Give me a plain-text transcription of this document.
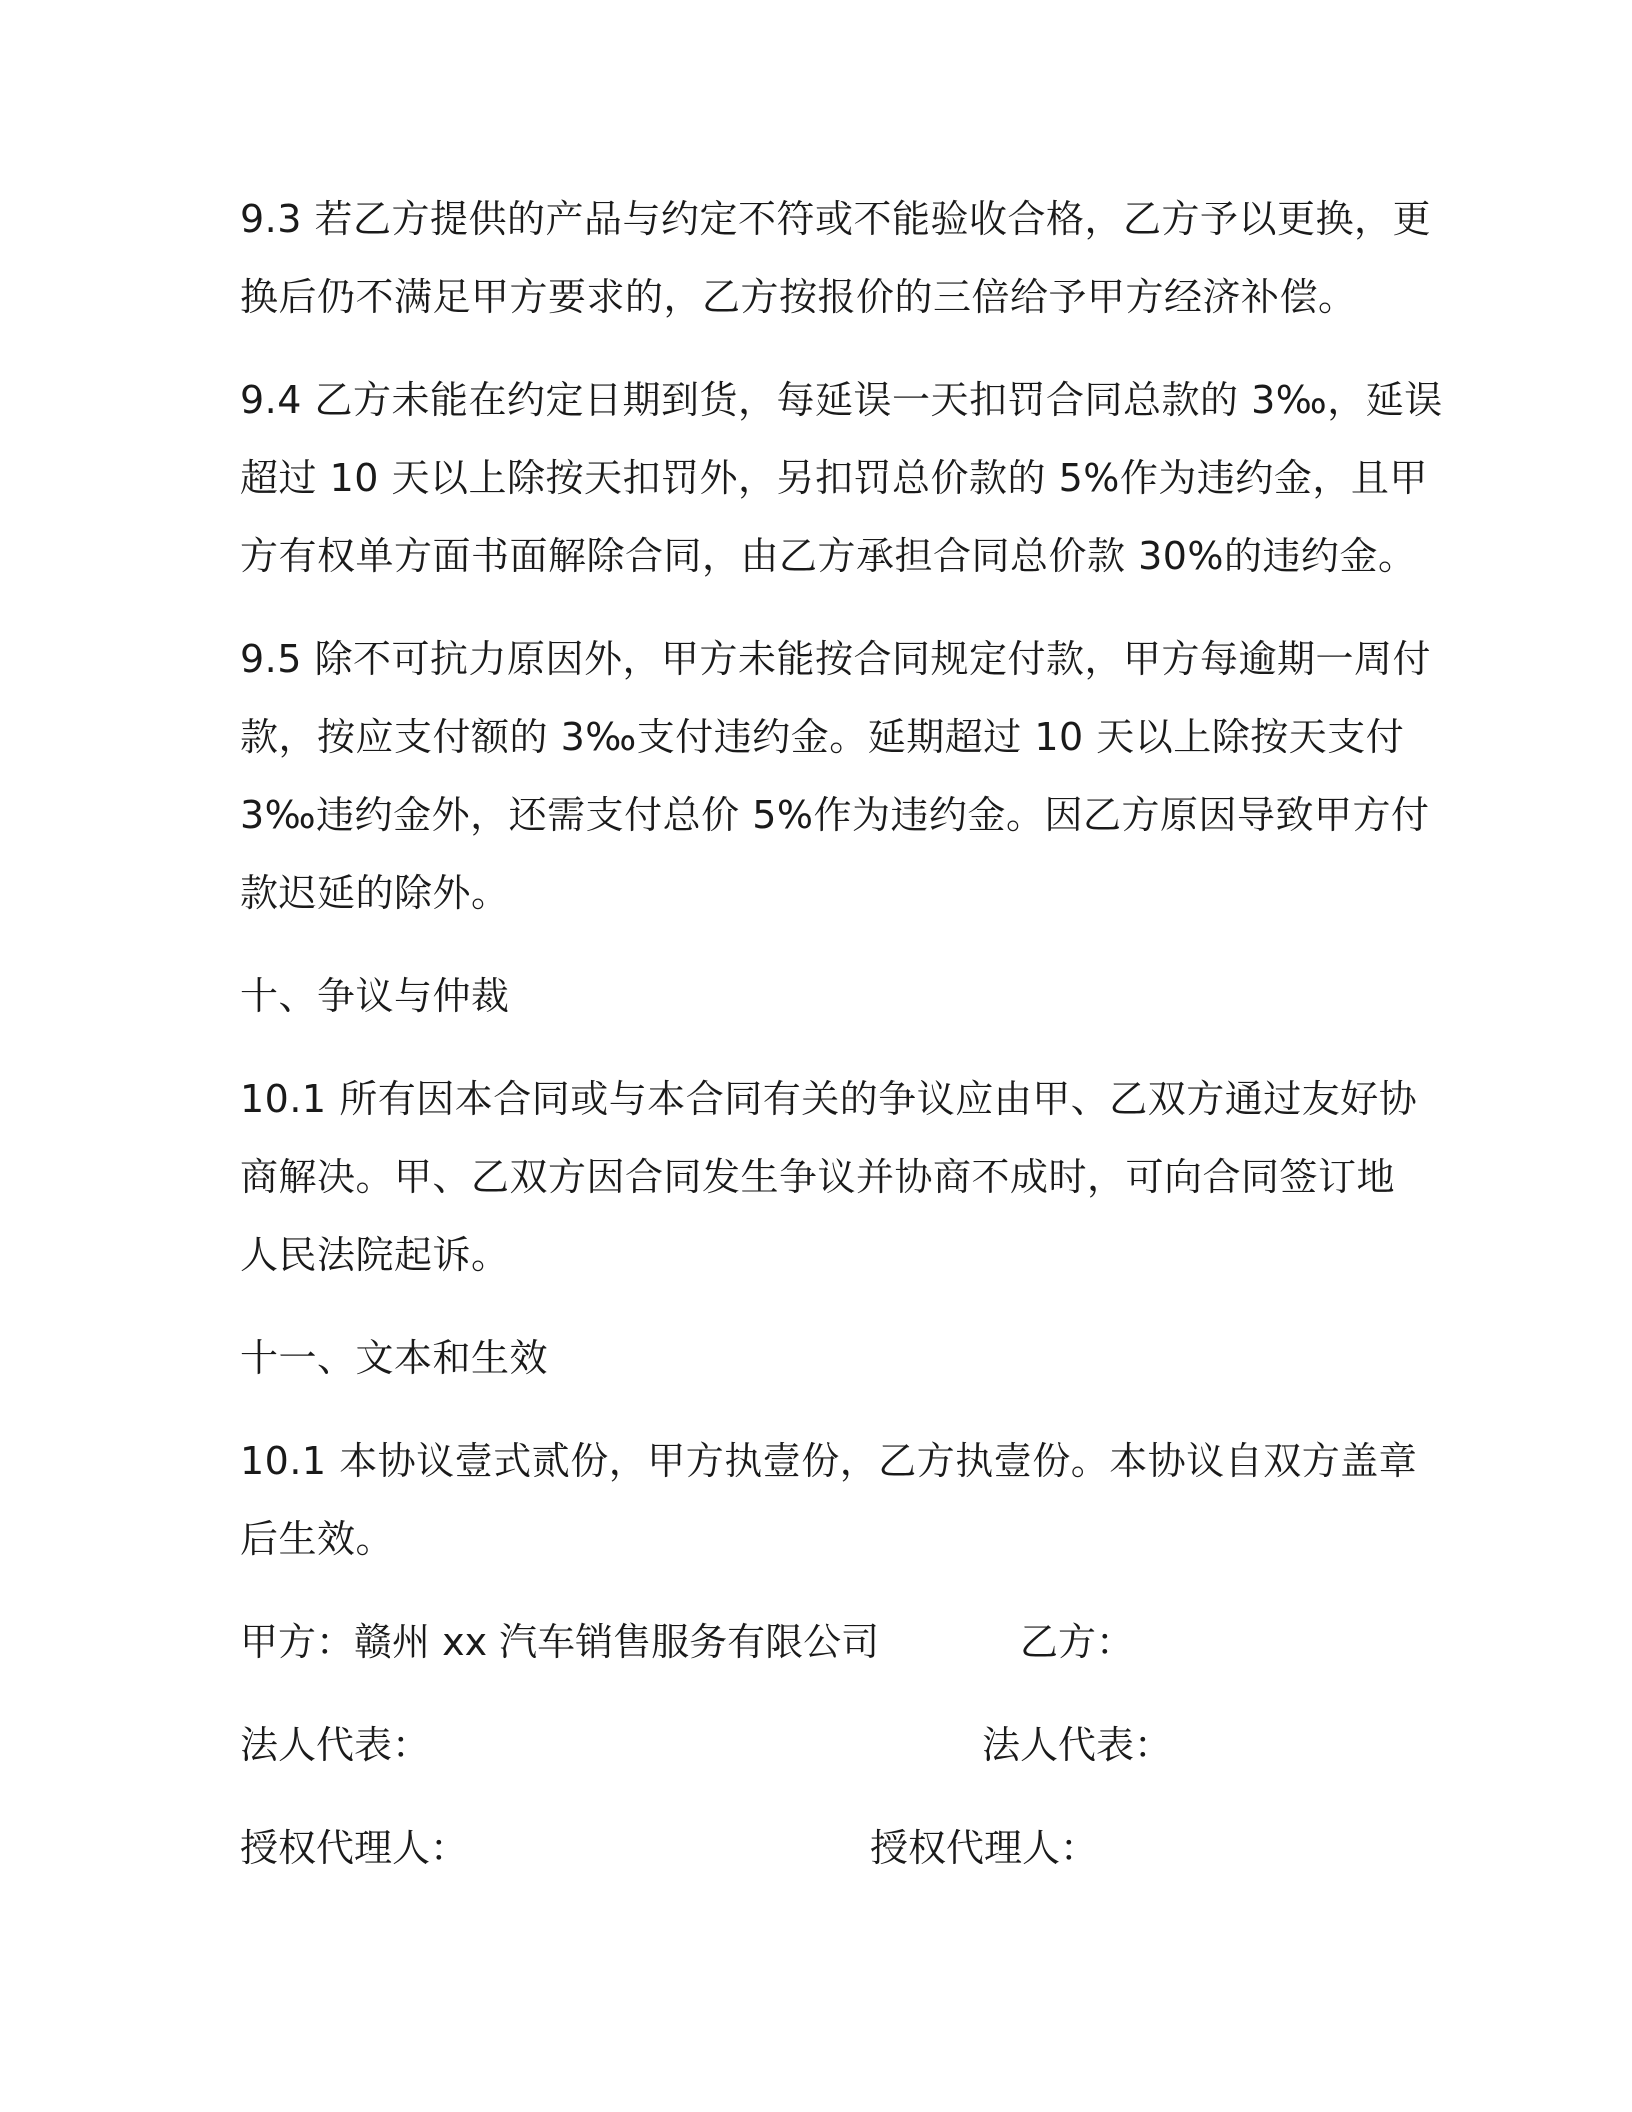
9.3 若乙方提供的产品与约定不符或不能验收合格，乙方予以更换，更
换后仍不满足甲方要求的，乙方按报价的三倍给予甲方经济补偿。
9.4 乙方未能在约定日期到货，每延误一天扣罚合同总款的 3‰，延误
超过 10 天以上除按天扣罚外，另扣罚总价款的 5%作为违约金，且甲
方有权单方面书面解除合同，由乙方承担合同总价款 30%的违约金。
9.5 除不可抗力原因外，甲方未能按合同规定付款，甲方每逾期一周付
款，按应支付额的 3‰支付违约金。延期超过 10 天以上除按天支付
3‰违约金外，还需支付总价 5%作为违约金。因乙方原因导致甲方付
款迟延的除外。
十、争议与仲裁
10.1 所有因本合同或与本合同有关的争议应由甲、乙双方通过友好协
商解决。甲、乙双方因合同发生争议并协商不成时，可向合同签订地
人民法院起诉。
十一、文本和生效
10.1 本协议壹式贰份，甲方执壹份，乙方执壹份。本协议自双方盖章
后生效。
甲方：赣州 xx 汽车销售服务有限公司	乙方：
法人代表：	法人代表：
授权代理人：	授权代理人：
